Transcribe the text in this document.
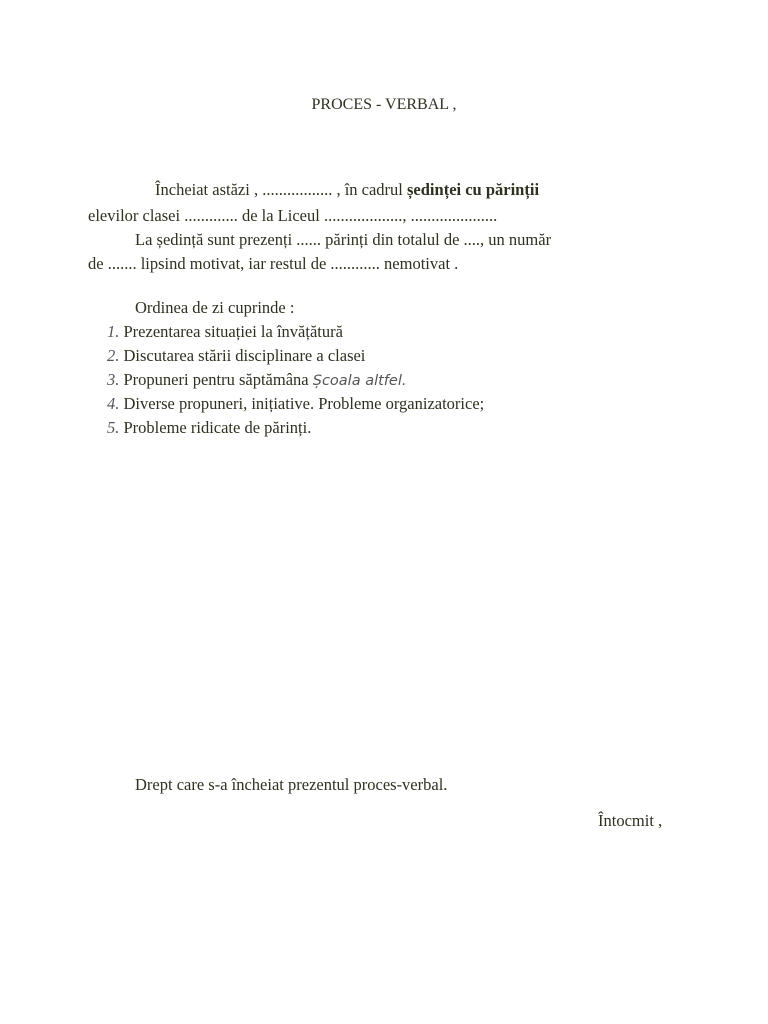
PROCES - VERBAL ,
Încheiat astăzi , ................. , în cadrul ședinței cu părinții
elevilor clasei ............. de la Liceul ..................., .....................
La ședință sunt prezenți ...... părinți din totalul de ...., un număr
de ....... lipsind motivat, iar restul de ............ nemotivat .
Ordinea de zi cuprinde :
1. Prezentarea situației la învățătură
2. Discutarea stării disciplinare a clasei
3. Propuneri pentru săptămâna Școala altfel.
4. Diverse propuneri, inițiative. Probleme organizatorice;
5. Probleme ridicate de părinți.
Drept care s-a încheiat prezentul proces-verbal.
Întocmit ,
